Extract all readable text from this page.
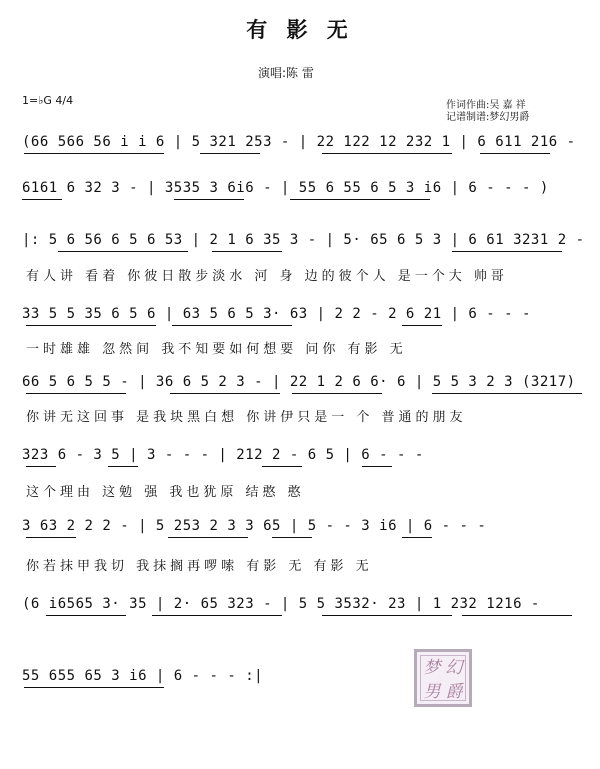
有 影 无
演唱:陈 雷
1=♭G 4/4	作词作曲:吴 嘉 祥
记谱制谱:梦幻男爵
(66 566 56 i i 6 | 5 321 253 - | 22 122 12 232 1 | 6 611 216 -
6161 6 32 3 - | 3535 3 6i6 - | 55 6 55 6 5 3 i6 | 6 - - - )
|: 5 6 56 6 5 6 53 | 2 1 6 35 3 - | 5· 65 6 5 3 | 6 61 3231 2 -
有人讲 看着 你彼日散步淡水 河 身 边的彼个人 是一个大 帅哥
33 5 5 35 6 5 6 | 63 5 6 5 3· 63 | 2 2 - 2 6 21 | 6 - - -
一时雄雄 忽然间 我不知要如何想要 问你 有影 无
66 5 6 5 5 - | 36 6 5 2 3 - | 22 1 2 6 6· 6 | 5 5 3 2 3 (3217)
你讲无这回事 是我块黑白想 你讲伊只是一 个 普通的朋友
323 6 - 3 5 | 3 - - - | 212 2 - 6 5 | 6 - - -
这个理由 这勉 强 我也犹原 结憨 憨
3 63 2 2 2 - | 5 253 2 3 3 65 | 5 - - 3 i6 | 6 - - -
你若抹甲我切 我抹搁再啰嗦 有影 无 有影 无
(6 i6565 3· 35 | 2· 65 323 - | 5 5 3532· 23 | 1 232 1216 -
55 655 65 3 i6 | 6 - - - :|	梦 幻
男 爵
